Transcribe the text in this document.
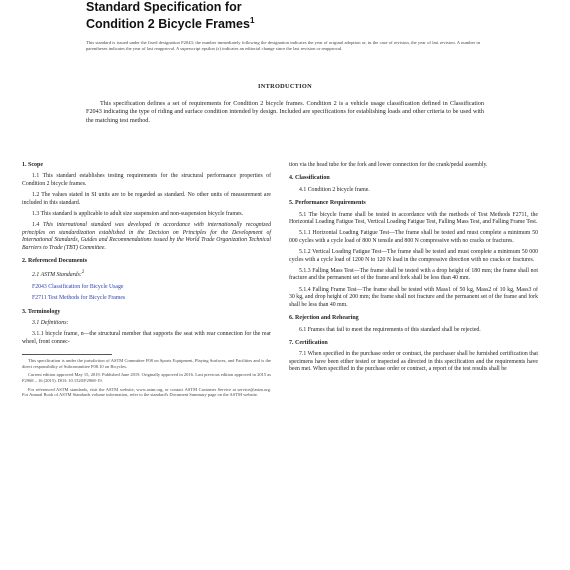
Standard Specification for
Condition 2 Bicycle Frames$^1$
This standard is issued under the fixed designation F2043; the number immediately following the designation indicates the year of original adoption or, in the case of revision, the year of last revision. A number in parentheses indicates the year of last reapproval. A superscript epsilon (ε) indicates an editorial change since the last revision or reapproval.
INTRODUCTION
This specification defines a set of requirements for Condition 2 bicycle frames. Condition 2 is a vehicle usage classification defined in Classification F2043 indicating the type of riding and surface condition intended by design. Included are specifications for establishing loads and other criteria to be used with the matching test method.
1. Scope
1.1 This standard establishes testing requirements for the structural performance properties of Condition 2 bicycle frames.
1.2 The values stated in SI units are to be regarded as standard. No other units of measurement are included in this standard.
1.3 This standard is applicable to adult size suspension and non-suspension bicycle frames.
1.4 This international standard was developed in accordance with internationally recognized principles on standardization established in the Decision on Principles for the Development of International Standards, Guides and Recommendations issued by the World Trade Organization Technical Barriers to Trade (TBT) Committee.
2. Referenced Documents
2.1 ASTM Standards:$^2$
F2043 Classification for Bicycle Usage
F2711 Test Methods for Bicycle Frames
3. Terminology
3.1 Definitions:
3.1.1 bicycle frame, n—the structural member that supports the seat with rear connection for the rear wheel, front connec-
This specification is under the jurisdiction of ASTM Committee F08 on Sports Equipment, Playing Surfaces, and Facilities and is the direct responsibility of Subcommittee F08.10 on Bicycles.
Current edition approved May 15, 2019. Published June 2019. Originally approved in 2016. Last previous edition approved in 2015 as F2968 – 16 (2015). DOI: 10.1520/F2968-19.
For referenced ASTM standards, visit the ASTM website, www.astm.org, or contact ASTM Customer Service at service@astm.org. For Annual Book of ASTM Standards volume information, refer to the standard's Document Summary page on the ASTM website.
tion via the head tube for the fork and lower connection for the crank/pedal assembly.
4. Classification
4.1 Condition 2 bicycle frame.
5. Performance Requirements
5.1 The bicycle frame shall be tested in accordance with the methods of Test Methods F2711, the Horizontal Loading Fatigue Test, Vertical Loading Fatigue Test, Falling Mass Test, and Falling Frame Test.
5.1.1 Horizontal Loading Fatigue Test—The frame shall be tested and must complete a minimum 50 000 cycles with a cycle load of 800 N tensile and 800 N compressive with no cracks or fractures.
5.1.2 Vertical Loading Fatigue Test—The frame shall be tested and must complete a minimum 50 000 cycles with a cycle load of 1200 N to 120 N load in the compressive direction with no cracks or fractures.
5.1.3 Falling Mass Test—The frame shall be tested with a drop height of 180 mm; the frame shall not fracture and the permanent set of the frame and fork shall be less than 40 mm.
5.1.4 Falling Frame Test—The frame shall be tested with Mass1 of 50 kg, Mass2 of 10 kg, Mass3 of 30 kg, and drop height of 200 mm; the frame shall not fracture and the permanent set of the frame and fork shall be less than 40 mm.
6. Rejection and Rehearing
6.1 Frames that fail to meet the requirements of this standard shall be rejected.
7. Certification
7.1 When specified in the purchase order or contract, the purchaser shall be furnished certification that specimens have been either tested or inspected as directed in this specification and the requirements have been met. When specified in the purchase order or contract, a report of the test results shall be
